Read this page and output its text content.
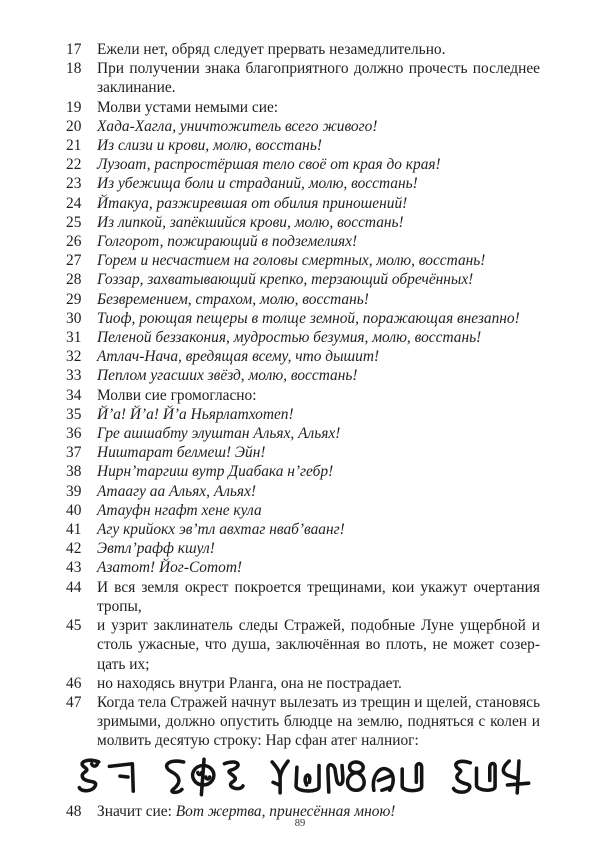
17	Ежели нет, обряд следует прервать незамедлительно.
18	При получении знака благоприятного должно прочесть последнее заклинание.
19	Молви устами немыми сие:
20	Хада-Хагла, уничтожитель всего живого!
21	Из слизи и крови, молю, восстань!
22	Лузоат, распростёршая тело своё от края до края!
23	Из убежища боли и страданий, молю, восстань!
24	Йтакуа, разжиревшая от обилия приношений!
25	Из липкой, запёкшийся крови, молю, восстань!
26	Голгорот, пожирающий в подземелиях!
27	Горем и несчастием на головы смертных, молю, восстань!
28	Гоззар, захватывающий крепко, терзающий обречённых!
29	Безвремением, страхом, молю, восстань!
30	Тиоф, роющая пещеры в толще земной, поражающая внезапно!
31	Пеленой беззакония, мудростью безумия, молю, восстань!
32	Атлач-Нача, вредящая всему, что дышит!
33	Пеплом угасших звёзд, молю, восстань!
34	Молви сие громогласно:
35	Й’а! Й’а! Й’а Ньярлатхотеп!
36	Гре ашшабту элуштан Альях, Альях!
37	Ништарат белмеш! Эйн!
38	Нирн’таргиш вутр Диабака н’гебр!
39	Атаагу аа Альях, Альях!
40	Атауфн нгафт хене кула
41	Агу крийокх эв’тл авхтаг нваб’ваанг!
42	Эвтл’рафф кшул!
43	Азатот! Йог-Сотот!
44	И вся земля окрест покроется трещинами, кои укажут очертания тропы,
45	и узрит заклинатель следы Стражей, подобные Луне ущербной и столь ужасные, что душа, заключённая во плоть, не может созерцать их;
46	но находясь внутри Рланга, она не пострадает.
47	Когда тела Стражей начнут вылезать из трещин и щелей, становясь зримыми, должно опустить блюдце на землю, подняться с колен и молвить десятую строку: Нар сфан атег налниог:
48	Значит сие: Вот жертва, принесённая мною!
89
